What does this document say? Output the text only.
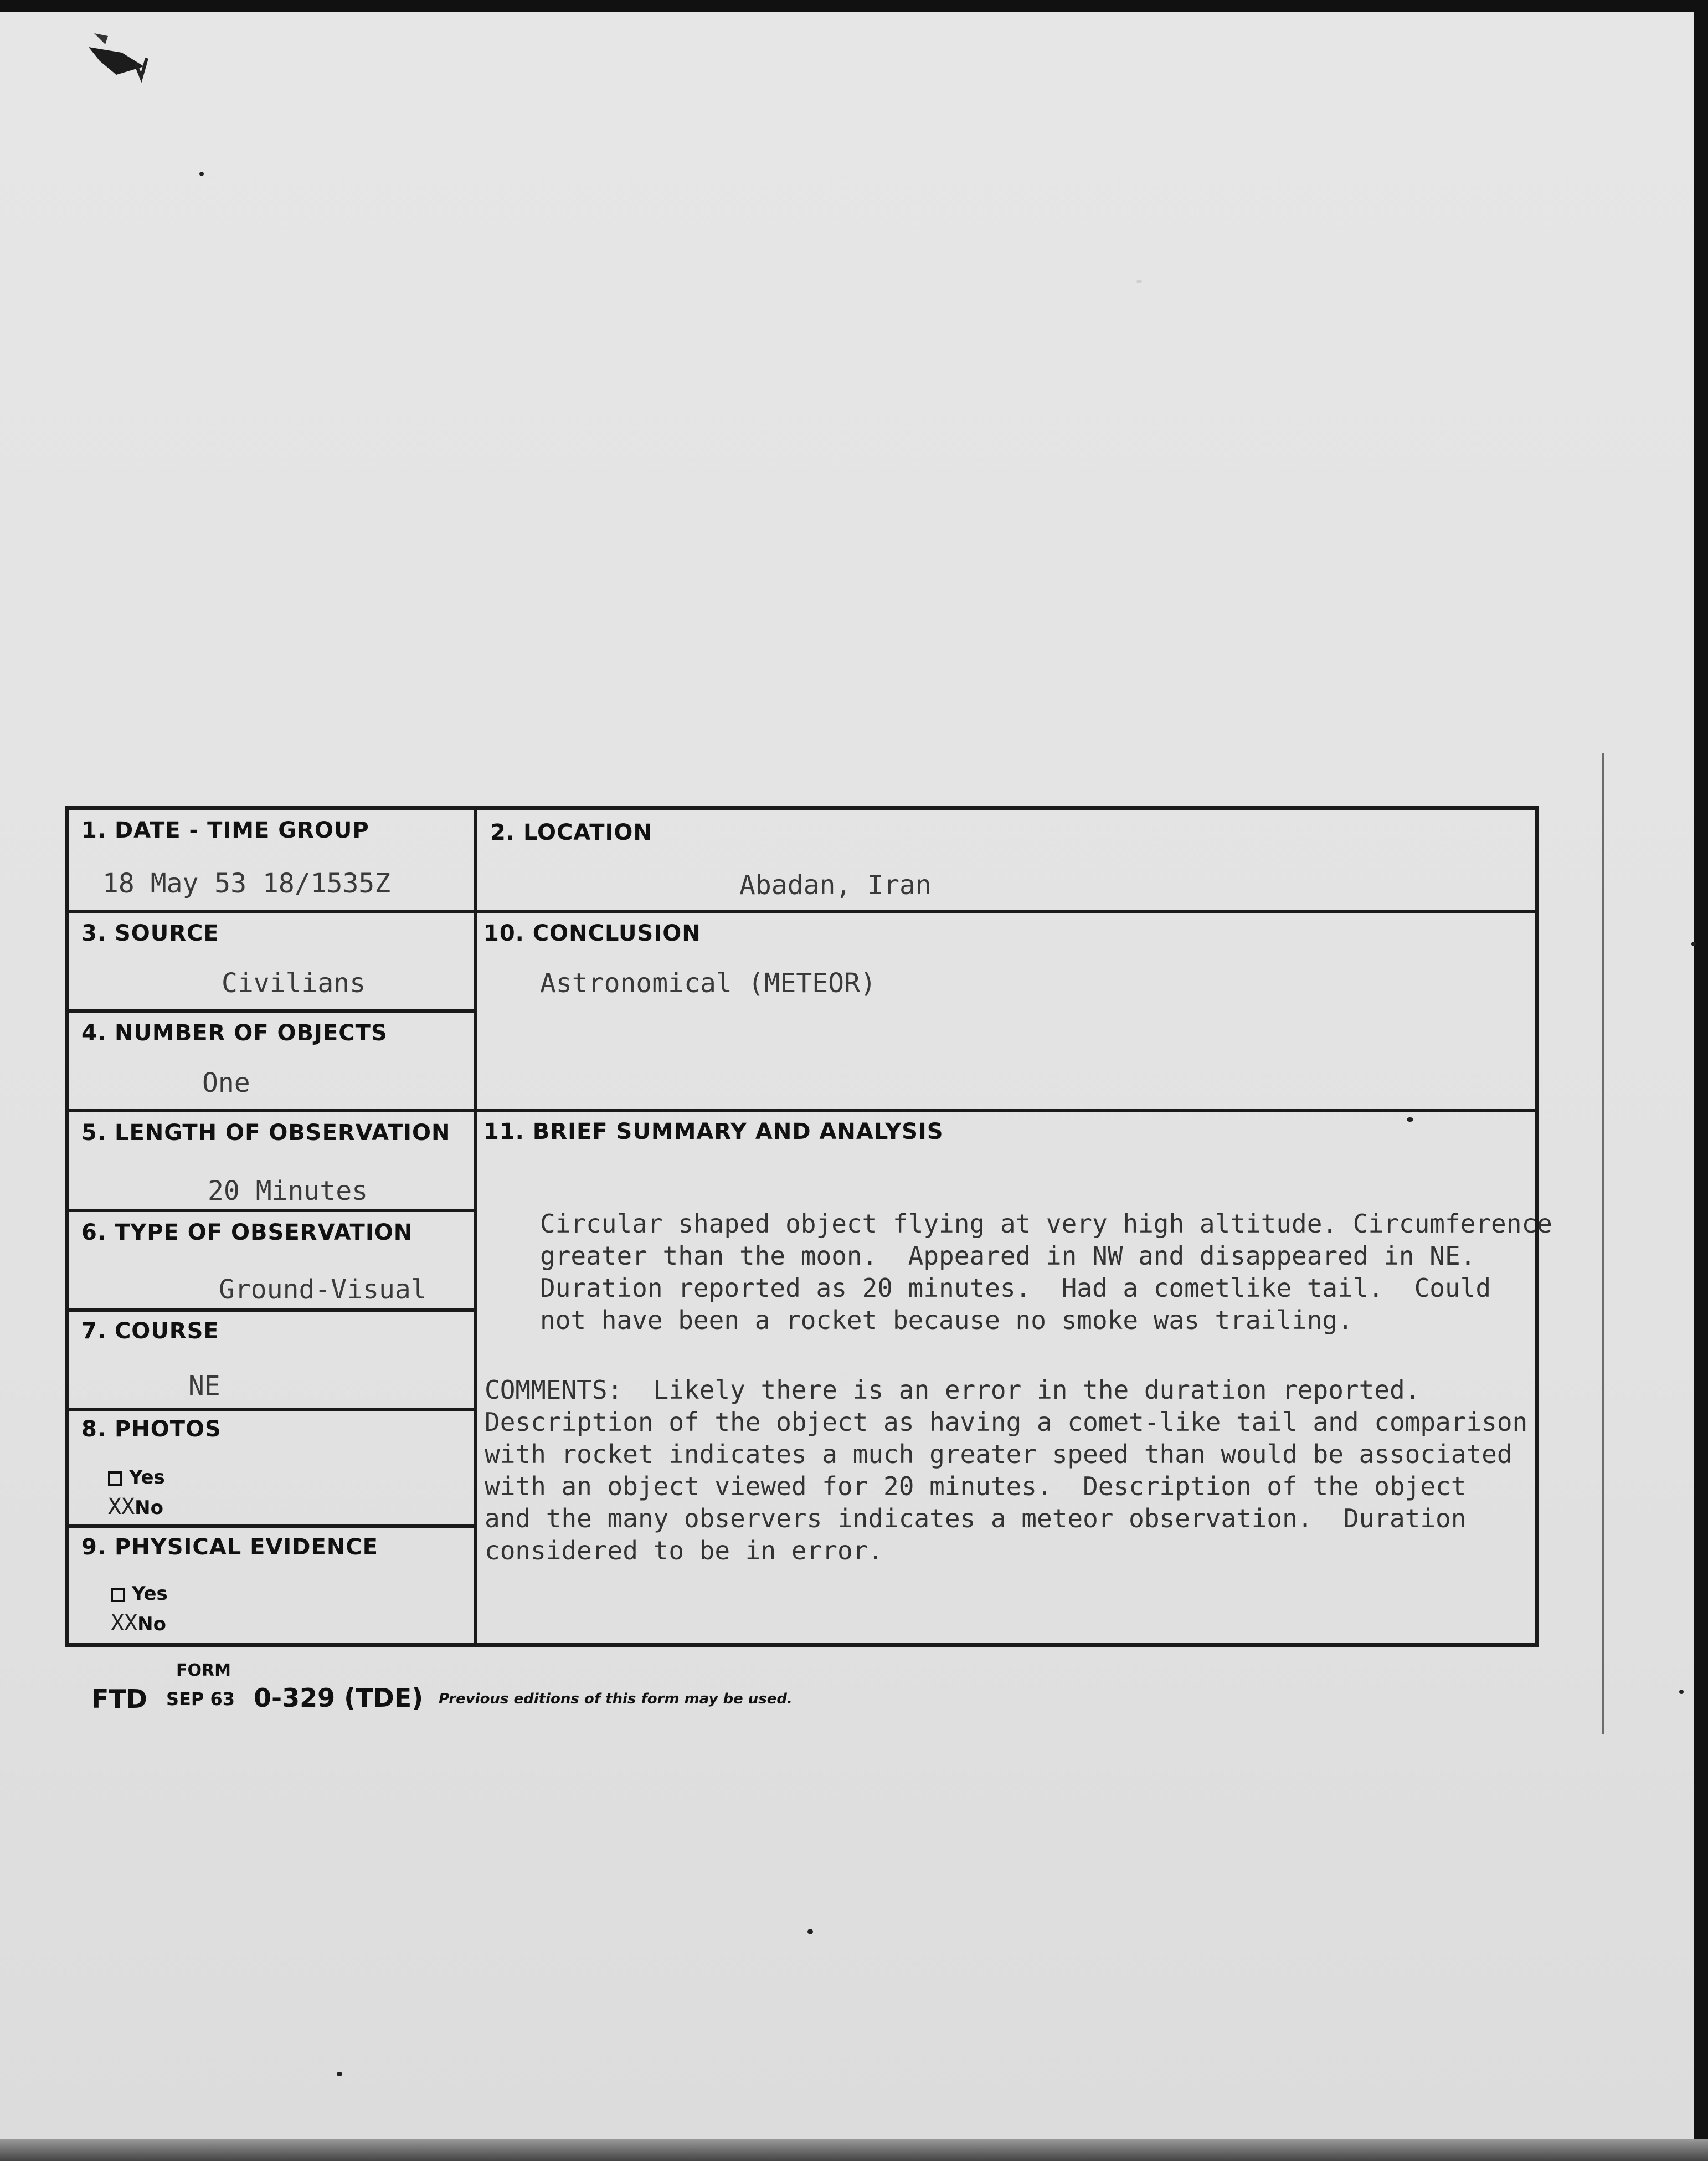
1. DATE - TIME GROUP
18 May 53 18/1535Z
2. LOCATION
Abadan, Iran
3. SOURCE
Civilians
4. NUMBER OF OBJECTS
One
5. LENGTH OF OBSERVATION
20 Minutes
6. TYPE OF OBSERVATION
Ground-Visual
7. COURSE
NE
8. PHOTOS
Yes
XXNo
9. PHYSICAL EVIDENCE
Yes
XXNo
10. CONCLUSION
Astronomical (METEOR)
11. BRIEF SUMMARY AND ANALYSIS

Circular shaped object flying at very high altitude. Circumference
greater than the moon.  Appeared in NW and disappeared in NE.
Duration reported as 20 minutes.  Had a cometlike tail.  Could
not have been a rocket because no smoke was trailing.

COMMENTS:  Likely there is an error in the duration reported.
Description of the object as having a comet-like tail and comparison
with rocket indicates a much greater speed than would be associated
with an object viewed for 20 minutes.  Description of the object
and the many observers indicates a meteor observation.  Duration
considered to be in error.
FORM
FTD SEP 63 0-329 (TDE) Previous editions of this form may be used.
